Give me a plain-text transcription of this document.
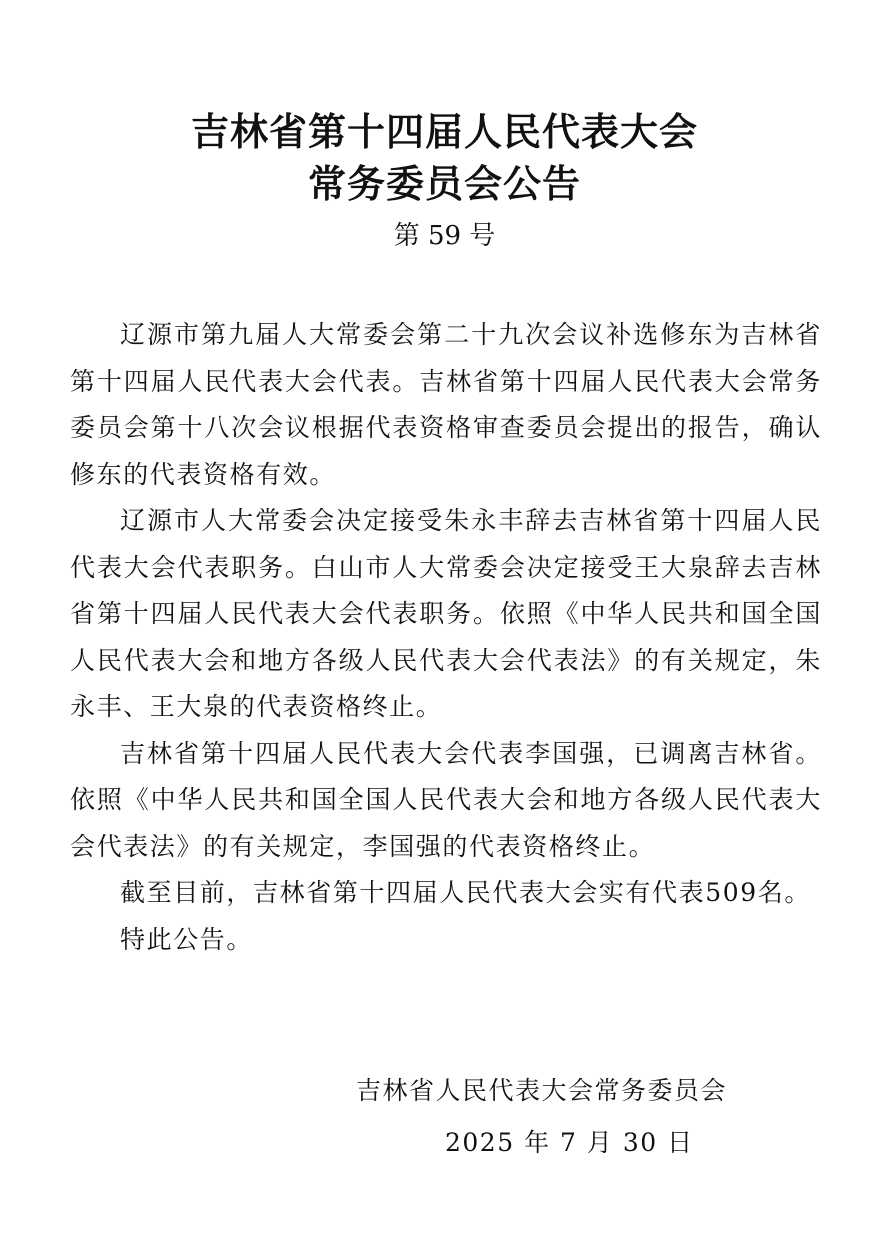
吉林省第十四届人民代表大会
常务委员会公告

第 59 号

辽源市第九届人大常委会第二十九次会议补选修东为吉林省第十四届人民代表大会代表。吉林省第十四届人民代表大会常务委员会第十八次会议根据代表资格审查委员会提出的报告，确认修东的代表资格有效。

辽源市人大常委会决定接受朱永丰辞去吉林省第十四届人民代表大会代表职务。白山市人大常委会决定接受王大泉辞去吉林省第十四届人民代表大会代表职务。依照《中华人民共和国全国人民代表大会和地方各级人民代表大会代表法》的有关规定，朱永丰、王大泉的代表资格终止。

吉林省第十四届人民代表大会代表李国强，已调离吉林省。依照《中华人民共和国全国人民代表大会和地方各级人民代表大会代表法》的有关规定，李国强的代表资格终止。

截至目前，吉林省第十四届人民代表大会实有代表509名。

特此公告。

吉林省人民代表大会常务委员会

2025 年 7 月 30 日
